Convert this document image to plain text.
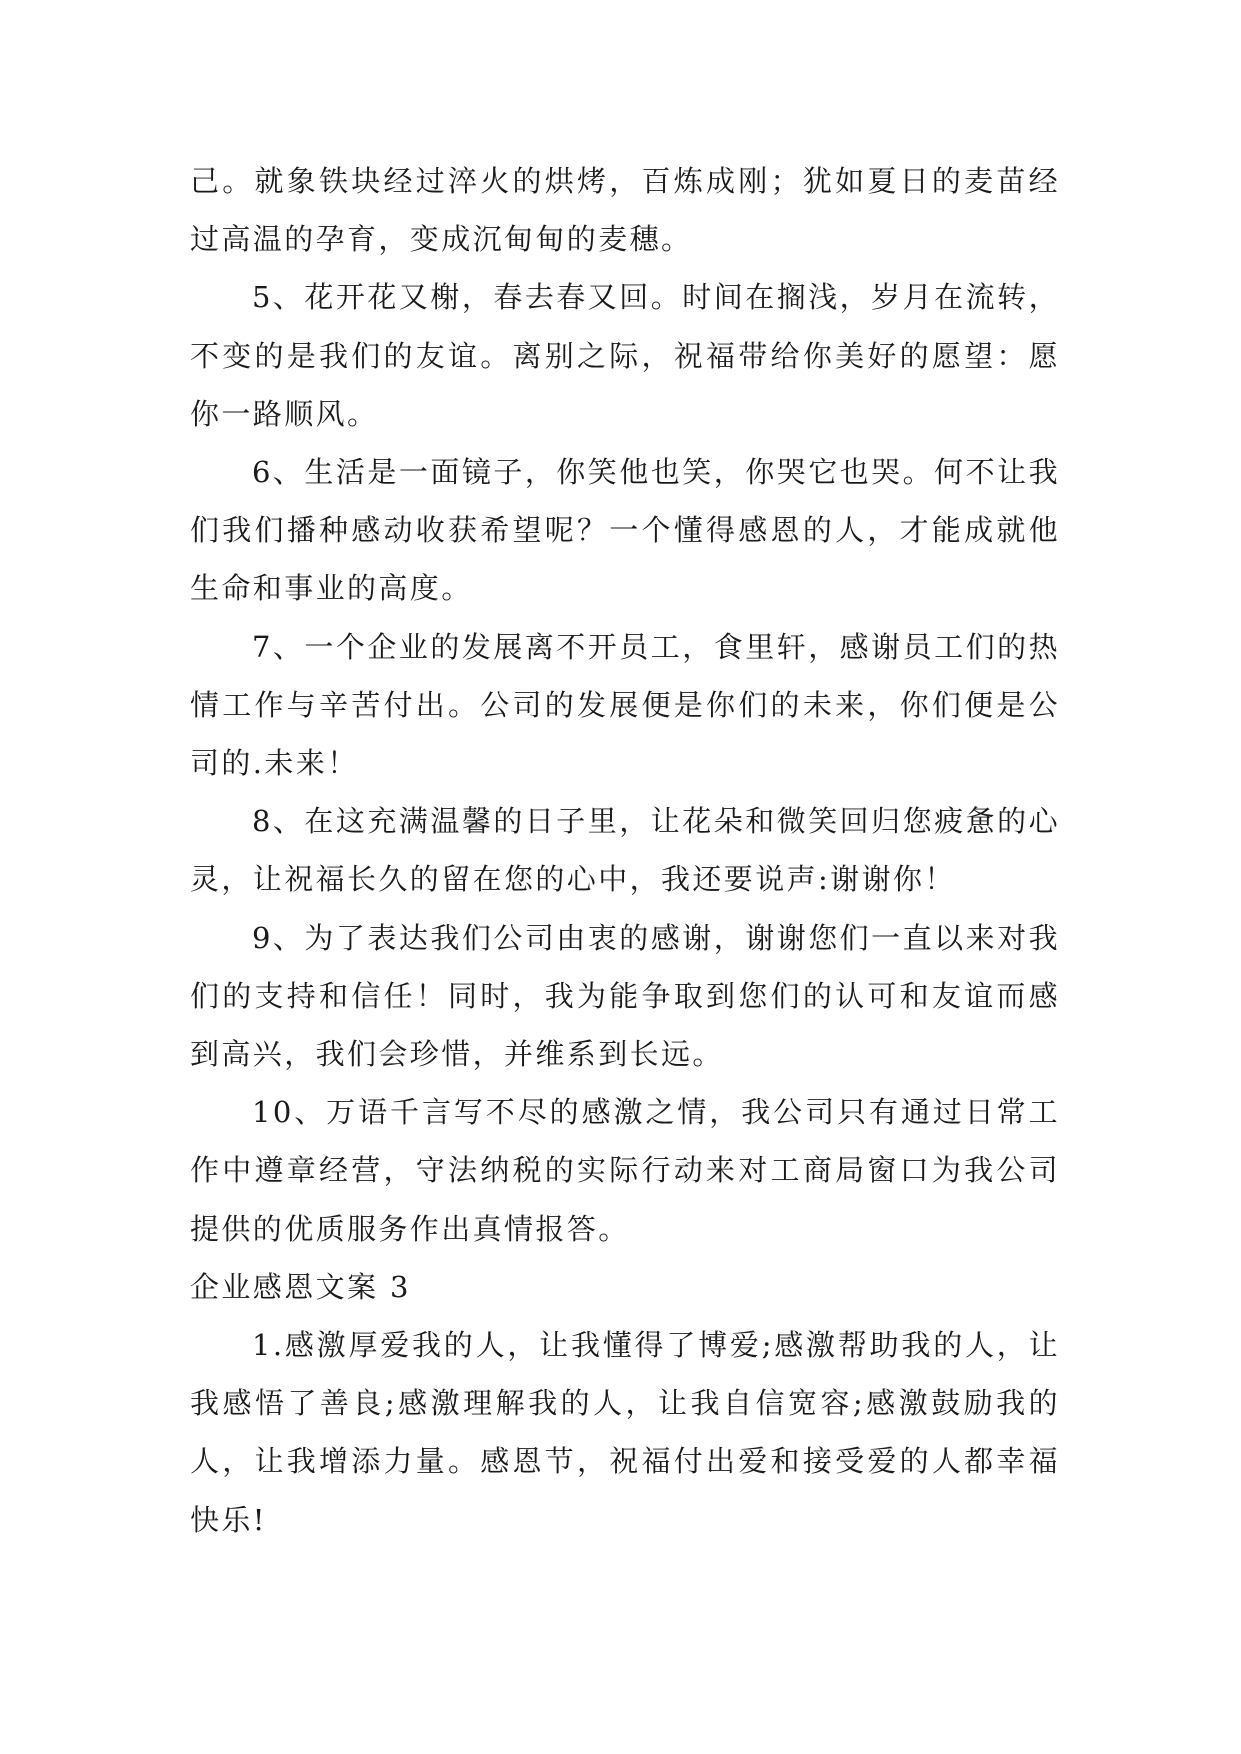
己。就象铁块经过淬火的烘烤，百炼成刚；犹如夏日的麦苗经过高温的孕育，变成沉甸甸的麦穗。

5、花开花又榭，春去春又回。时间在搁浅，岁月在流转，不变的是我们的友谊。离别之际，祝福带给你美好的愿望：愿你一路顺风。

6、生活是一面镜子，你笑他也笑，你哭它也哭。何不让我们我们播种感动收获希望呢？一个懂得感恩的人，才能成就他生命和事业的高度。

7、一个企业的发展离不开员工，食里轩，感谢员工们的热情工作与辛苦付出。公司的发展便是你们的未来，你们便是公司的.未来！

8、在这充满温馨的日子里，让花朵和微笑回归您疲惫的心灵，让祝福长久的留在您的心中，我还要说声:谢谢你！

9、为了表达我们公司由衷的感谢，谢谢您们一直以来对我们的支持和信任！同时，我为能争取到您们的认可和友谊而感到高兴，我们会珍惜，并维系到长远。

10、万语千言写不尽的感激之情，我公司只有通过日常工作中遵章经营，守法纳税的实际行动来对工商局窗口为我公司提供的优质服务作出真情报答。

企业感恩文案 3

1.感激厚爱我的人，让我懂得了博爱;感激帮助我的人，让我感悟了善良;感激理解我的人，让我自信宽容;感激鼓励我的人，让我增添力量。感恩节，祝福付出爱和接受爱的人都幸福快乐!
